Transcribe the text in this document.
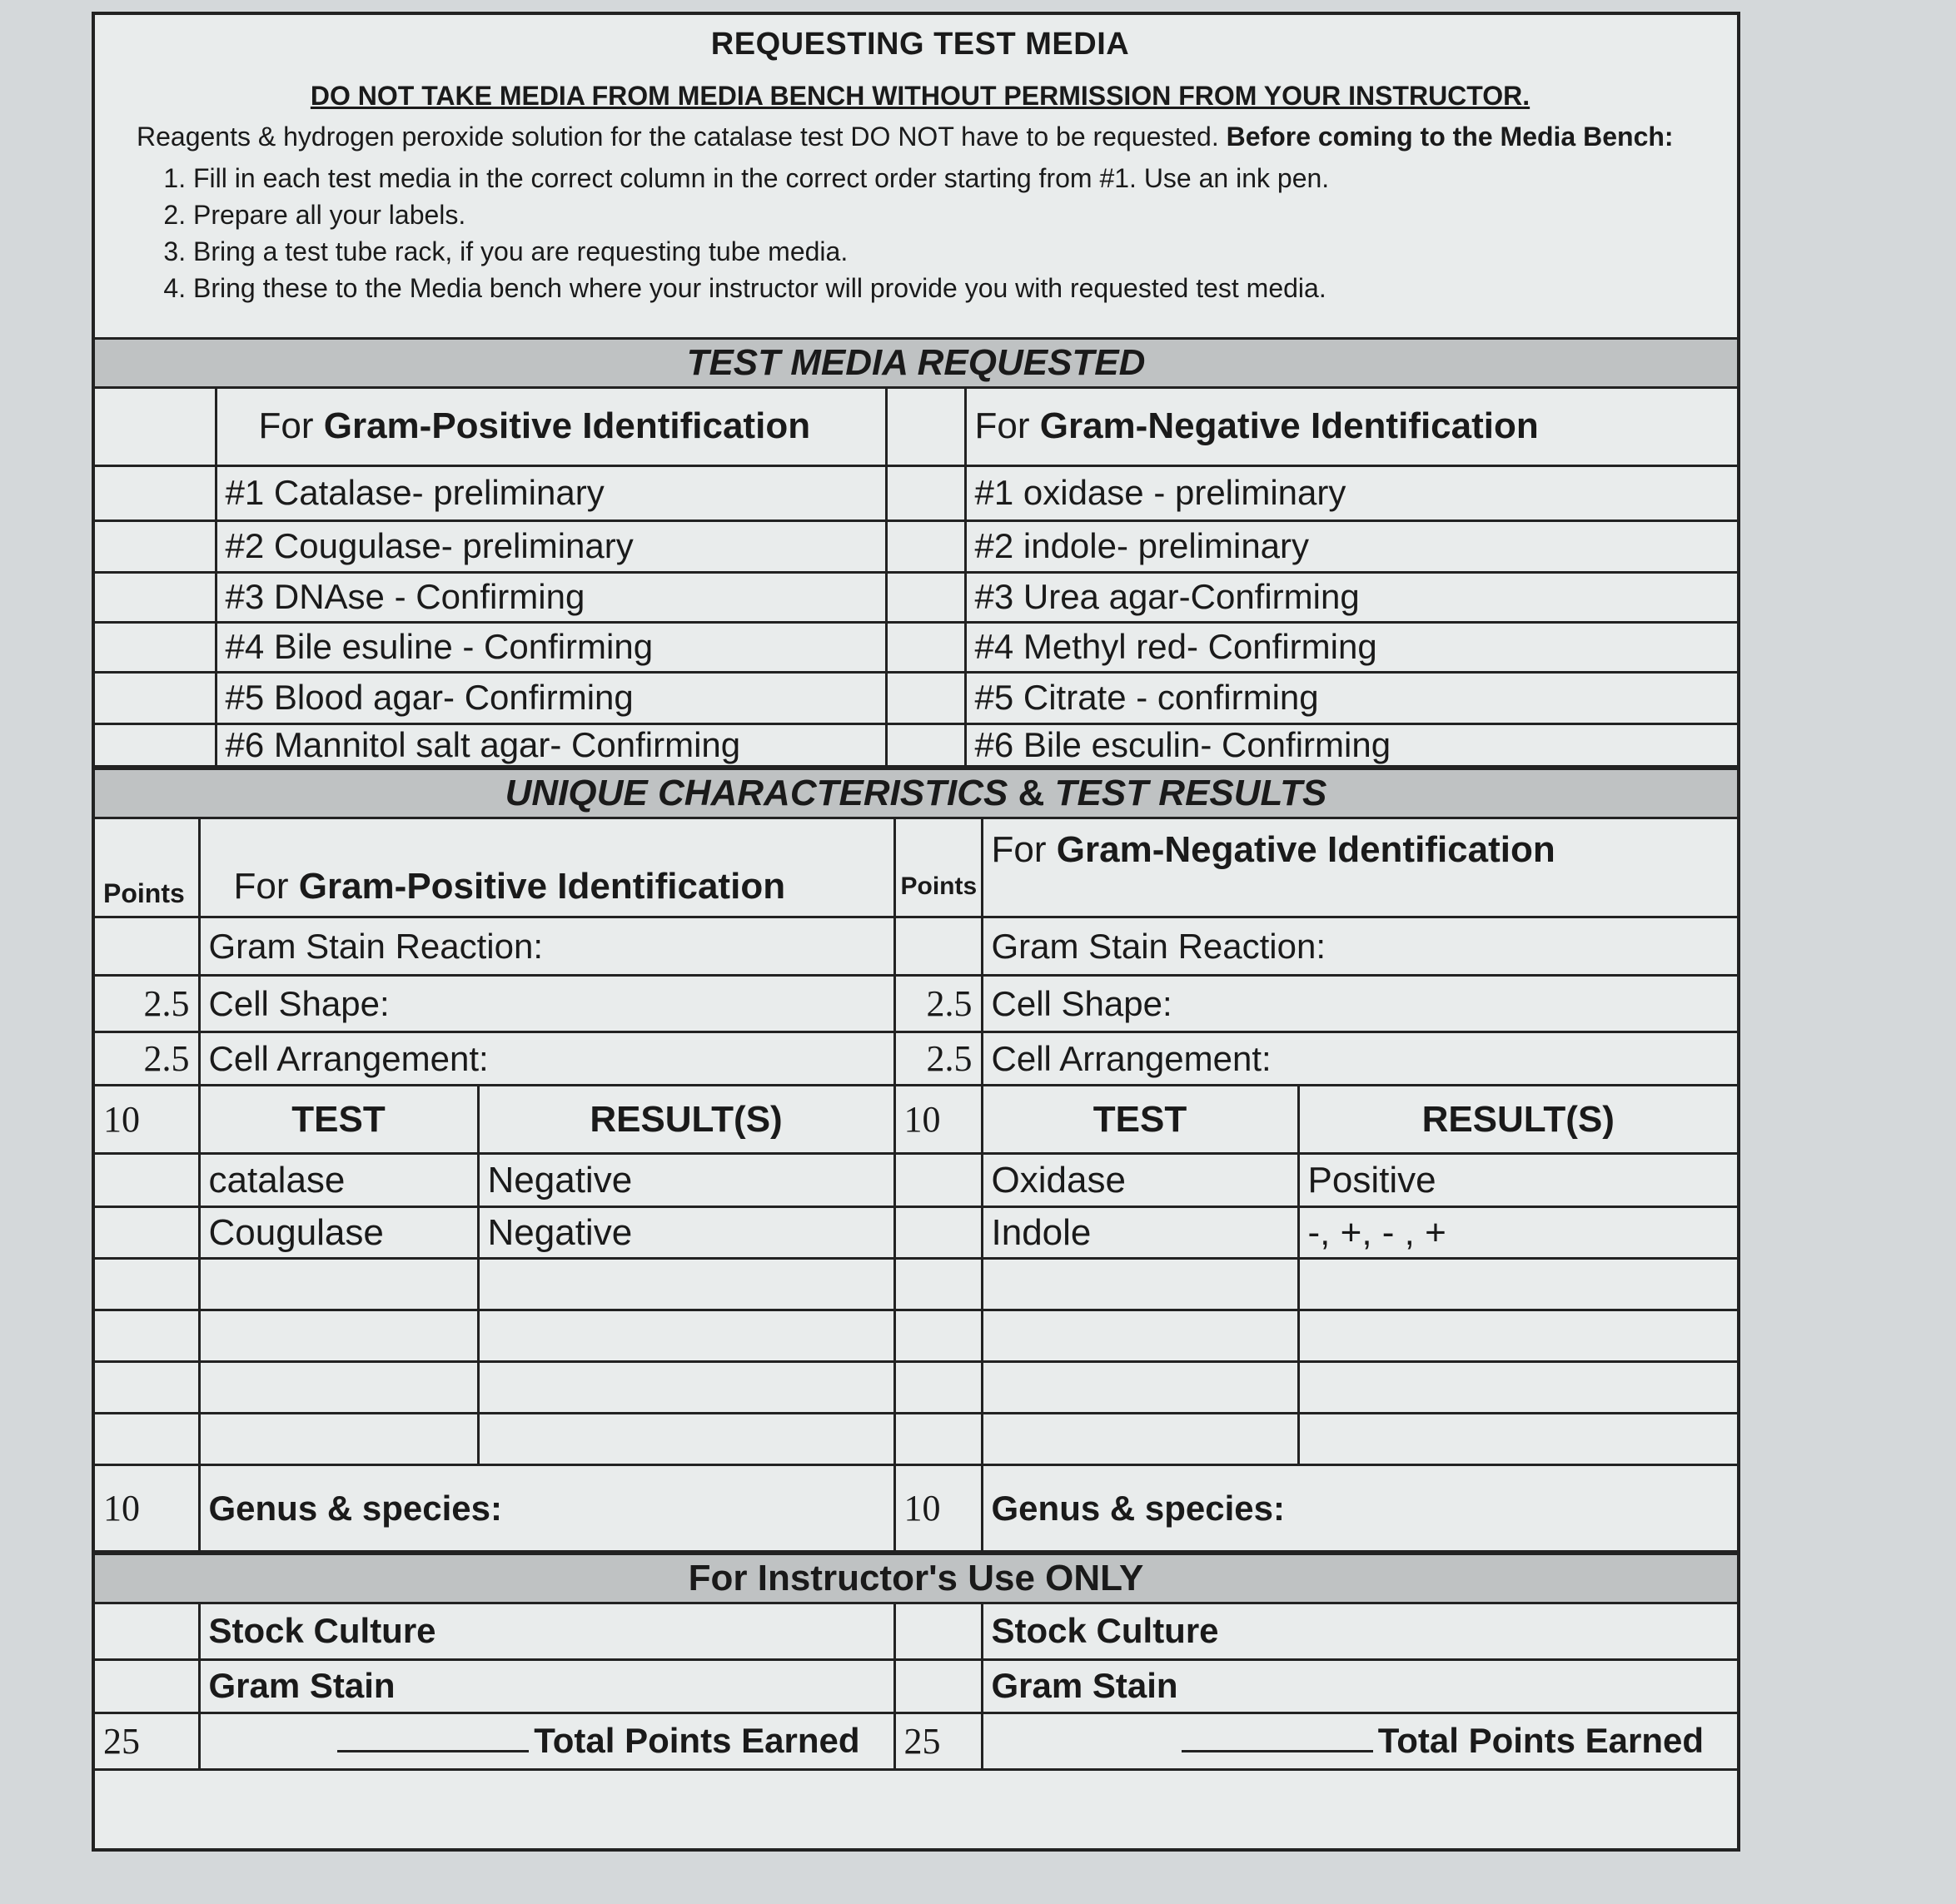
REQUESTING TEST MEDIA
DO NOT TAKE MEDIA FROM MEDIA BENCH WITHOUT PERMISSION FROM YOUR INSTRUCTOR.

Reagents & hydrogen peroxide solution for the catalase test DO NOT have to be requested. Before coming to the Media Bench:

1. Fill in each test media in the correct column in the correct order starting from #1. Use an ink pen.
2. Prepare all your labels.
3. Bring a test tube rack, if you are requesting tube media.
4. Bring these to the Media bench where your instructor will provide you with requested test media.
TEST MEDIA REQUESTED
	For Gram-Positive Identification		For Gram-Negative Identification
	#1 Catalase- preliminary		#1 oxidase - preliminary
	#2 Cougulase- preliminary		#2 indole- preliminary
	#3 DNAse - Confirming		#3 Urea agar-Confirming
	#4 Bile esuline - Confirming		#4 Methyl red- Confirming
	#5 Blood agar- Confirming		#5 Citrate - confirming
	#6 Mannitol salt agar- Confirming		#6 Bile esculin- Confirming
UNIQUE CHARACTERISTICS & TEST RESULTS
Points	For Gram-Positive Identification		Points	For Gram-Negative Identification	
	Gram Stain Reaction:			Gram Stain Reaction:	
2.5	Cell Shape:		2.5	Cell Shape:	
2.5	Cell Arrangement:		2.5	Cell Arrangement:	
10	TEST	RESULT(S)	10	TEST	RESULT(S)
	catalase	Negative		Oxidase	Positive
	Cougulase	Negative		Indole	-, +, - , +

10	Genus & species:		10	Genus & species:	
For Instructor's Use ONLY
	Stock Culture		Stock Culture
	Gram Stain		Gram Stain
25	Total Points Earned	25	Total Points Earned
